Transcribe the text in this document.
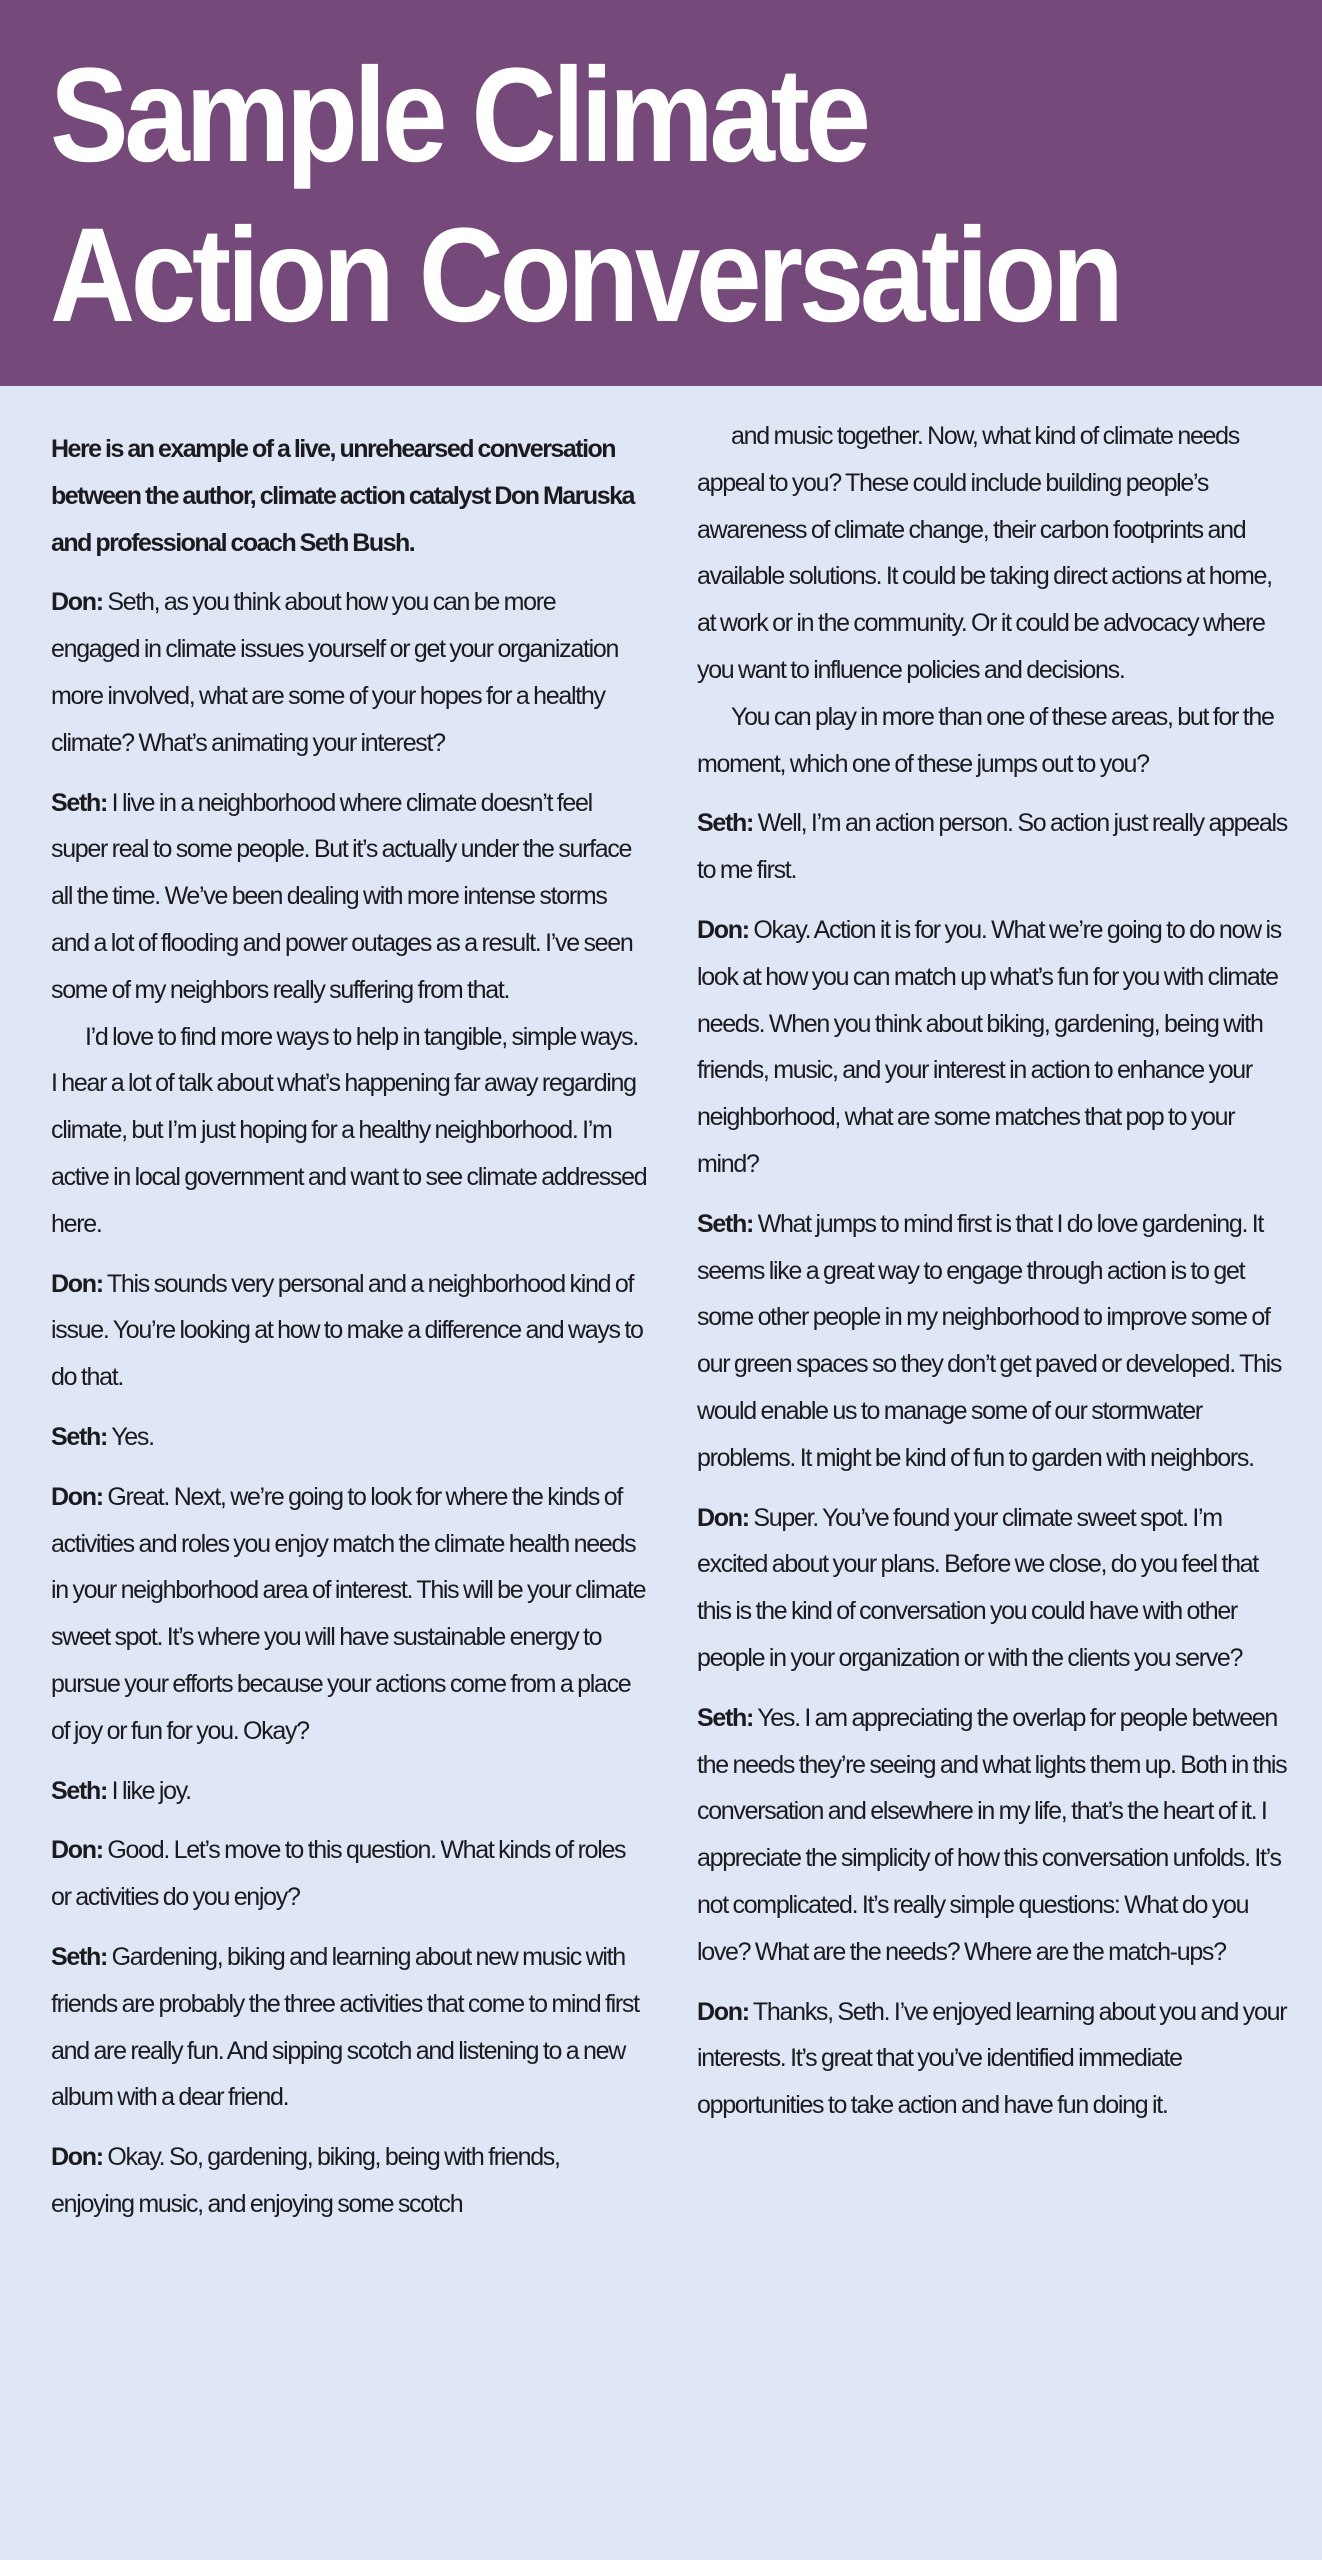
Sample Climate
Action Conversation

Here is an example of a live, unrehearsed conversation between the author, climate action catalyst Don Maruska and professional coach Seth Bush.

Don: Seth, as you think about how you can be more engaged in climate issues yourself or get your organization more involved, what are some of your hopes for a healthy climate? What’s animating your interest?

Seth: I live in a neighborhood where climate doesn’t feel super real to some people. But it’s actually under the surface all the time. We’ve been dealing with more intense storms and a lot of flooding and power outages as a result. I’ve seen some of my neighbors really suffering from that.

I’d love to find more ways to help in tangible, simple ways. I hear a lot of talk about what’s happening far away regarding climate, but I’m just hoping for a healthy neighborhood. I’m active in local government and want to see climate addressed here.

Don: This sounds very personal and a neighborhood kind of issue. You’re looking at how to make a difference and ways to do that.

Seth: Yes.

Don: Great. Next, we’re going to look for where the kinds of activities and roles you enjoy match the climate health needs in your neighborhood area of interest. This will be your climate sweet spot. It’s where you will have sustainable energy to pursue your efforts because your actions come from a place of joy or fun for you. Okay?

Seth: I like joy.

Don: Good. Let’s move to this question. What kinds of roles or activities do you enjoy?

Seth: Gardening, biking and learning about new music with friends are probably the three activities that come to mind first and are really fun. And sipping scotch and listening to a new album with a dear friend.

Don: Okay. So, gardening, biking, being with friends, enjoying music, and enjoying some scotch

and music together. Now, what kind of climate needs appeal to you? These could include building people’s awareness of climate change, their carbon footprints and available solutions. It could be taking direct actions at home, at work or in the community. Or it could be advocacy where you want to influence policies and decisions.

You can play in more than one of these areas, but for the moment, which one of these jumps out to you?

Seth: Well, I’m an action person. So action just really appeals to me first.

Don: Okay. Action it is for you. What we’re going to do now is look at how you can match up what’s fun for you with climate needs. When you think about biking, gardening, being with friends, music, and your interest in action to enhance your neighborhood, what are some matches that pop to your mind?

Seth: What jumps to mind first is that I do love gardening. It seems like a great way to engage through action is to get some other people in my neighborhood to improve some of our green spaces so they don’t get paved or developed. This would enable us to manage some of our stormwater problems. It might be kind of fun to garden with neighbors.

Don: Super. You’ve found your climate sweet spot. I’m excited about your plans. Before we close, do you feel that this is the kind of conversation you could have with other people in your organization or with the clients you serve?

Seth: Yes. I am appreciating the overlap for people between the needs they’re seeing and what lights them up. Both in this conversation and elsewhere in my life, that’s the heart of it. I appreciate the simplicity of how this conversation unfolds. It’s not complicated. It’s really simple questions: What do you love? What are the needs? Where are the match-ups?

Don: Thanks, Seth. I’ve enjoyed learning about you and your interests. It’s great that you’ve identified immediate opportunities to take action and have fun doing it.
